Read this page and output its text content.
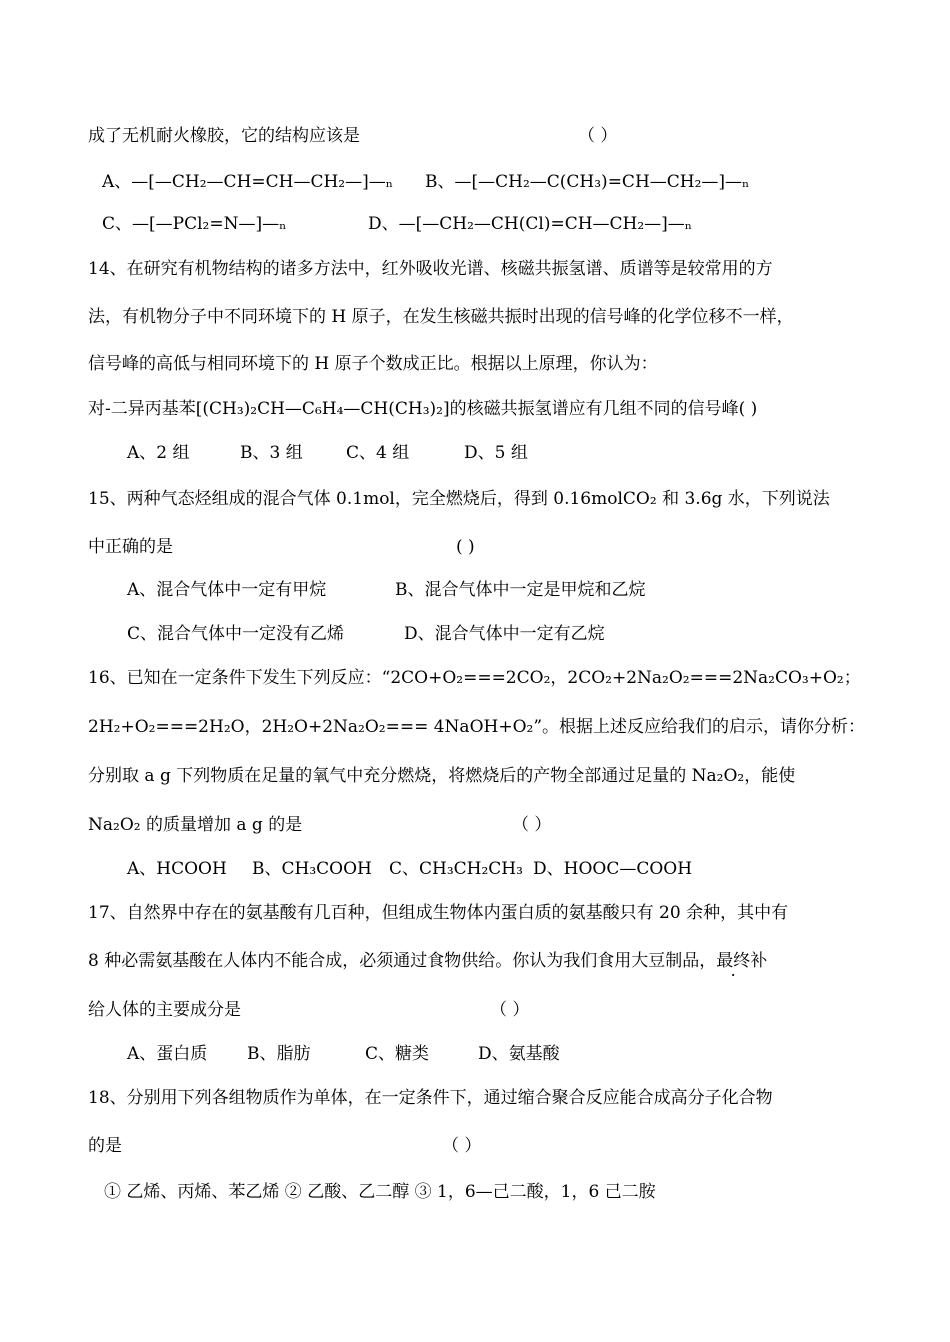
成了无机耐火橡胶，它的结构应该是	（ ）
A、—[—CH₂—CH=CH—CH₂—]—ₙ B、—[—CH₂—C(CH₃)=CH—CH₂—]—ₙ
C、—[—PCl₂=N—]—ₙ	D、—[—CH₂—CH(Cl)=CH—CH₂—]—ₙ
14、在研究有机物结构的诸多方法中，红外吸收光谱、核磁共振氢谱、质谱等是较常用的方
法，有机物分子中不同环境下的 H 原子，在发生核磁共振时出现的信号峰的化学位移不一样，
信号峰的高低与相同环境下的 H 原子个数成正比。根据以上原理，你认为：
对-二异丙基苯[(CH₃)₂CH—C₆H₄—CH(CH₃)₂]的核磁共振氢谱应有几组不同的信号峰( )
A、2 组	B、3 组	C、4 组	D、5 组
15、两种气态烃组成的混合气体 0.1mol，完全燃烧后，得到 0.16molCO₂ 和 3.6g 水，下列说法
中正确的是	( )
A、混合气体中一定有甲烷	B、混合气体中一定是甲烷和乙烷
C、混合气体中一定没有乙烯	D、混合气体中一定有乙烷
16、已知在一定条件下发生下列反应：“2CO+O₂===2CO₂，2CO₂+2Na₂O₂===2Na₂CO₃+O₂；
2H₂+O₂===2H₂O，2H₂O+2Na₂O₂=== 4NaOH+O₂”。根据上述反应给我们的启示，请你分析：
分别取 a g 下列物质在足量的氧气中充分燃烧，将燃烧后的产物全部通过足量的 Na₂O₂，能使
Na₂O₂ 的质量增加 a g 的是	（ ）
A、HCOOH B、CH₃COOH C、CH₃CH₂CH₃ D、HOOC—COOH
17、自然界中存在的氨基酸有几百种，但组成生物体内蛋白质的氨基酸只有 20 余种，其中有
8 种必需氨基酸在人体内不能合成，必须通过食物供给。你认为我们食用大豆制品，最终补
给人体的主要成分是	（ ）
A、蛋白质 B、脂肪	C、糖类	D、氨基酸
18、分别用下列各组物质作为单体，在一定条件下，通过缩合聚合反应能合成高分子化合物
的是	（ ）
① 乙烯、丙烯、苯乙烯 ② 乙酸、乙二醇 ③ 1，6—己二酸，1，6 己二胺
